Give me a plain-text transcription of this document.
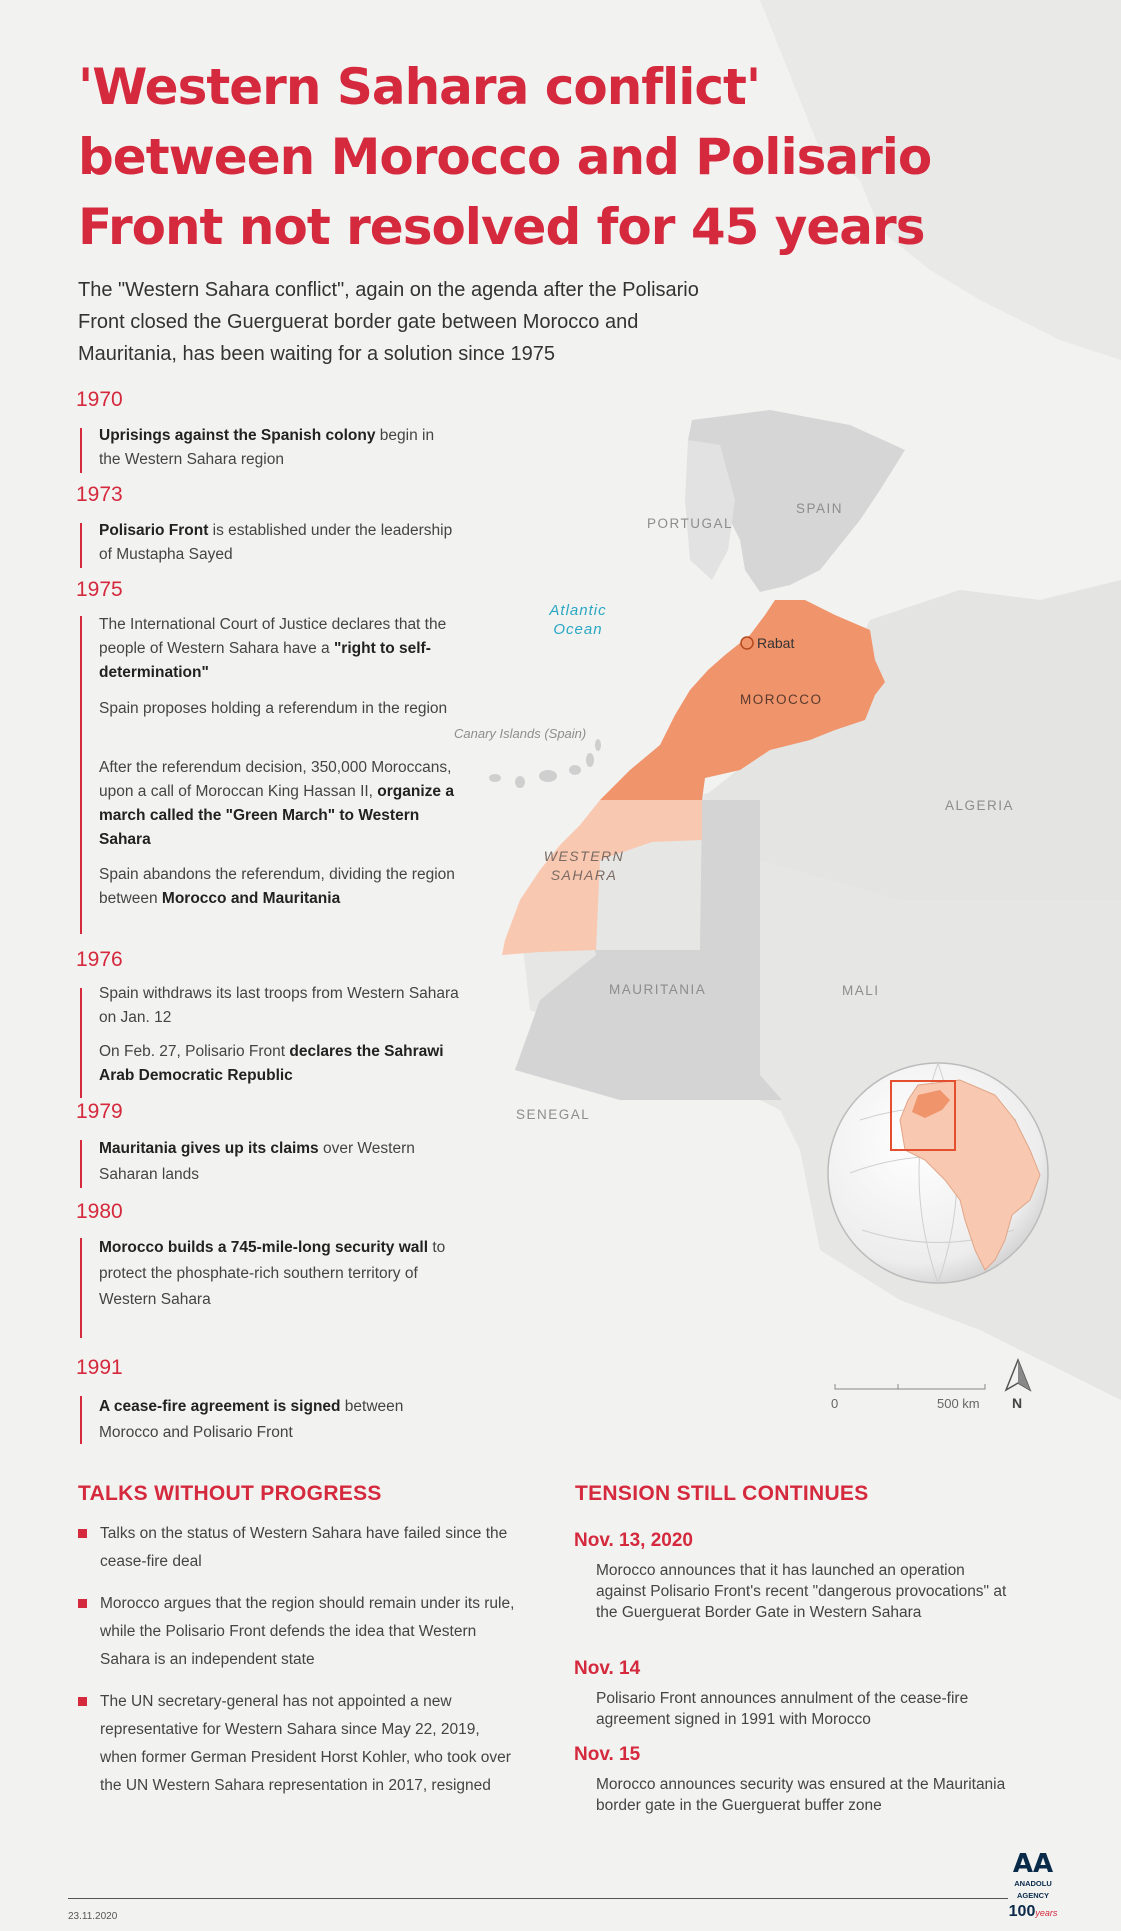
'Western Sahara conflict'
between Morocco and Polisario
Front not resolved for 45 years
The "Western Sahara conflict", again on the agenda after the Polisario
Front closed the Guerguerat border gate between Morocco and
Mauritania, has been waiting for a solution since 1975
1970
Uprisings against the Spanish colony begin in the Western Sahara region
1973
Polisario Front is established under the leadership of Mustapha Sayed
1975
The International Court of Justice declares that the people of Western Sahara have a "right to self-determination"
Spain proposes holding a referendum in the region
After the referendum decision, 350,000 Moroccans, upon a call of Moroccan King Hassan II, organize a march called the "Green March" to Western Sahara
Spain abandons the referendum, dividing the region between Morocco and Mauritania
1976
Spain withdraws its last troops from Western Sahara on Jan. 12
On Feb. 27, Polisario Front declares the Sahrawi Arab Democratic Republic
1979
Mauritania gives up its claims over Western Saharan lands
1980
Morocco builds a 745-mile-long security wall to protect the phosphate-rich southern territory of Western Sahara
1991
A cease-fire agreement is signed between Morocco and Polisario Front
SPAIN
PORTUGAL
Atlantic
Ocean
Rabat
MOROCCO
Canary Islands (Spain)
ALGERIA
WESTERN
SAHARA
MAURITANIA	MALI
SENEGAL
0	500 km N
TALKS WITHOUT PROGRESS
Talks on the status of Western Sahara have failed since the cease-fire deal
Morocco argues that the region should remain under its rule, while the Polisario Front defends the idea that Western Sahara is an independent state
The UN secretary-general has not appointed a new representative for Western Sahara since May 22, 2019, when former German President Horst Kohler, who took over the UN Western Sahara representation in 2017, resigned
TENSION STILL CONTINUES
Nov. 13, 2020
Morocco announces that it has launched an operation against Polisario Front's recent "dangerous provocations" at the Guerguerat Border Gate in Western Sahara
Nov. 14
Polisario Front announces annulment of the cease-fire agreement signed in 1991 with Morocco
Nov. 15
Morocco announces security was ensured at the Mauritania border gate in the Guerguerat buffer zone
23.11.2020
AA
ANADOLU AGENCY
100years
